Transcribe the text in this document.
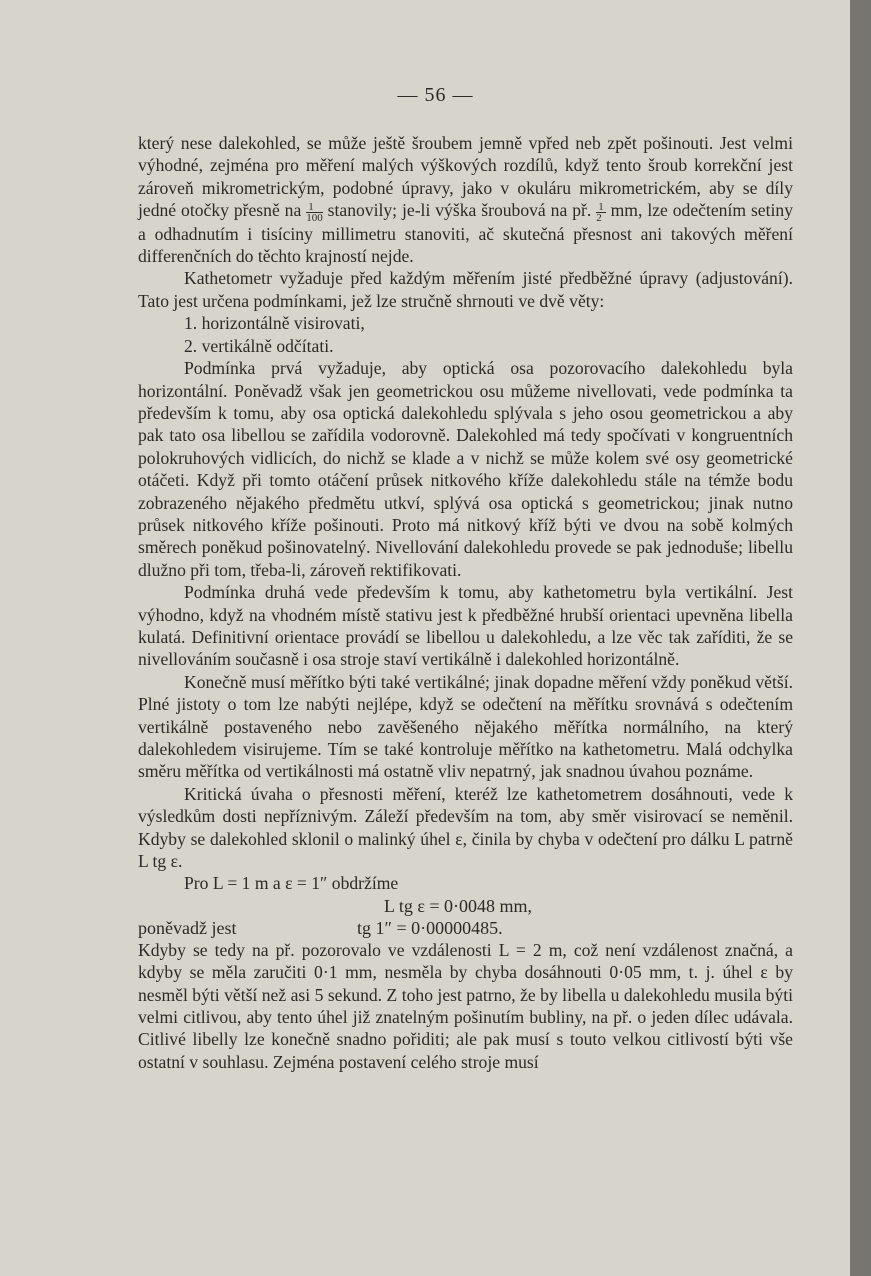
— 56 —

který nese dalekohled, se může ještě šroubem jemně vpřed neb zpět pošinouti. Jest velmi výhodné, zejména pro měření malých výškových rozdílů, když tento šroub korrekční jest zároveň mikrometrickým, podobné úpravy, jako v okuláru mikrometrickém, aby se díly jedné otočky přesně na $\frac{1}{100}$ stanovily; je-li výška šroubová na př. $\frac{1}{2}$ mm, lze odečtením setiny a odhadnutím i tisíciny millimetru stanoviti, ač skutečná přesnost ani takových měření differenčních do těchto krajností nejde.

Kathetometr vyžaduje před každým měřením jisté předběžné úpravy (adjustování). Tato jest určena podmínkami, jež lze stručně shrnouti ve dvě věty:

1. horizontálně visirovati,

2. vertikálně odčítati.

Podmínka prvá vyžaduje, aby optická osa pozorovacího dalekohledu byla horizontální. Poněvadž však jen geometrickou osu můžeme nivellovati, vede podmínka ta především k tomu, aby osa optická dalekohledu splývala s jeho osou geometrickou a aby pak tato osa libellou se zařídila vodorovně. Dalekohled má tedy spočívati v kongruentních polokruhových vidlicích, do nichž se klade a v nichž se může kolem své osy geometrické otáčeti. Když při tomto otáčení průsek nitkového kříže dalekohledu stále na témže bodu zobrazeného nějakého předmětu utkví, splývá osa optická s geometrickou; jinak nutno průsek nitkového kříže pošinouti. Proto má nitkový kříž býti ve dvou na sobě kolmých směrech poněkud pošinovatelný. Nivellování dalekohledu provede se pak jednoduše; libellu dlužno při tom, třeba-li, zároveň rektifikovati.

Podmínka druhá vede především k tomu, aby kathetometru byla vertikální. Jest výhodno, když na vhodném místě stativu jest k předběžné hrubší orientaci upevněna libella kulatá. Definitivní orientace provádí se libellou u dalekohledu, a lze věc tak zaříditi, že se nivellováním současně i osa stroje staví vertikálně i dalekohled horizontálně.

Konečně musí měřítko býti také vertikálné; jinak dopadne měření vždy poněkud větší. Plné jistoty o tom lze nabýti nejlépe, když se odečtení na měřítku srovnává s odečtením vertikálně postaveného nebo zavěšeného nějakého měřítka normálního, na který dalekohledem visirujeme. Tím se také kontroluje měřítko na kathetometru. Malá odchylka směru měřítka od vertikálnosti má ostatně vliv nepatrný, jak snadnou úvahou poznáme.

Kritická úvaha o přesnosti měření, kteréž lze kathetometrem dosáhnouti, vede k výsledkům dosti nepříznivým. Záleží především na tom, aby směr visirovací se neměnil. Kdyby se dalekohled sklonil o malinký úhel ε, činila by chyba v odečtení pro dálku L patrně L tg ε.

Pro L = 1 m a ε = 1″ obdržíme

L tg ε = 0·0048 mm,
poněvadž jest	tg 1″ = 0·00000485.

Kdyby se tedy na př. pozorovalo ve vzdálenosti L = 2 m, což není vzdálenost značná, a kdyby se měla zaručiti 0·1 mm, nesměla by chyba dosáhnouti 0·05 mm, t. j. úhel ε by nesměl býti větší než asi 5 sekund. Z toho jest patrno, že by libella u dalekohledu musila býti velmi citlivou, aby tento úhel již znatelným pošinutím bubliny, na př. o jeden dílec udávala. Citlivé libelly lze konečně snadno pořiditi; ale pak musí s touto velkou citlivostí býti vše ostatní v souhlasu. Zejména postavení celého stroje musí
